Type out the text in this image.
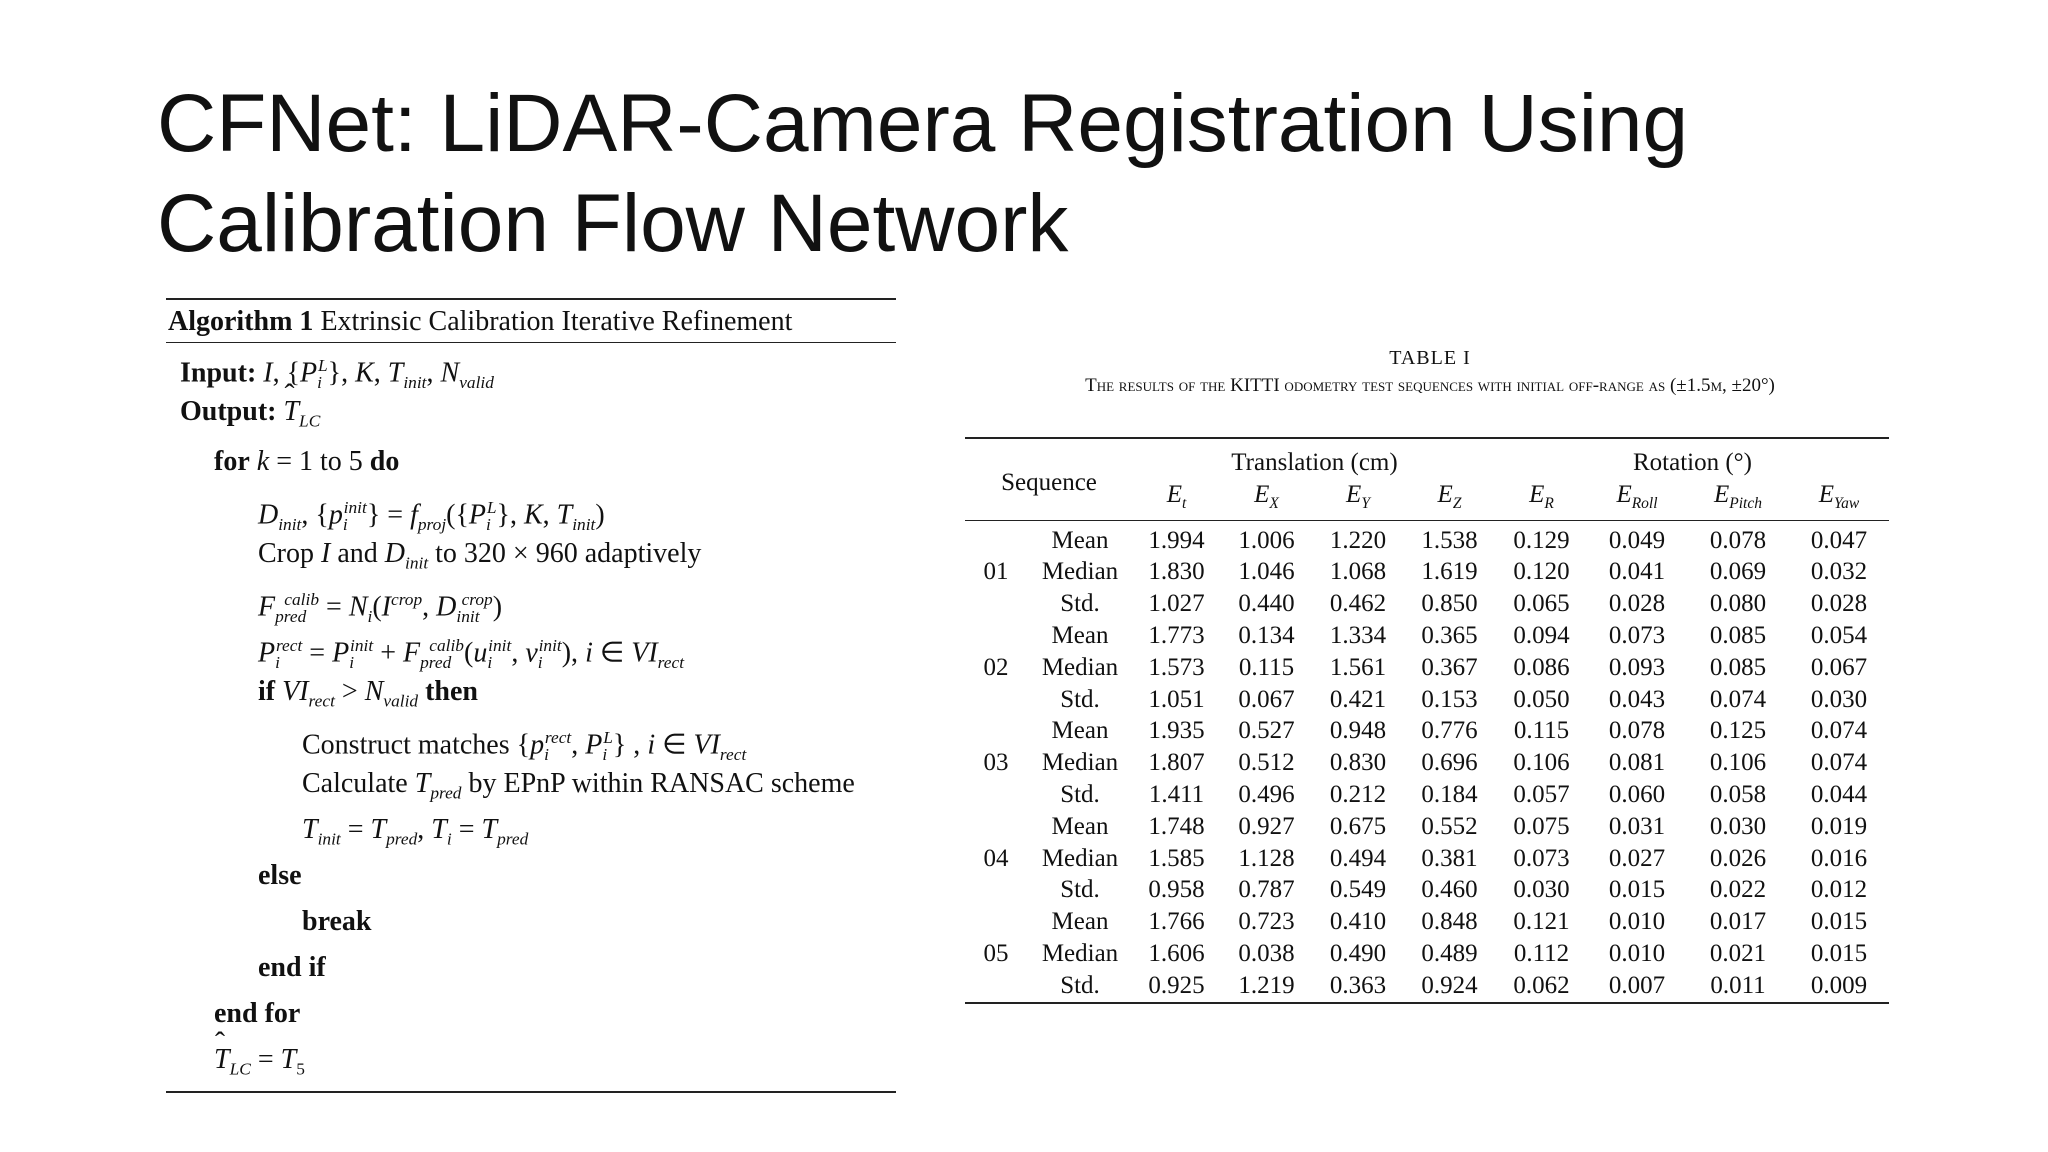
CFNet: LiDAR-Camera Registration Using
Calibration Flow Network
Algorithm 1 Extrinsic Calibration Iterative Refinement
Input: I, $\{P_i^L\}$, K, $T_{init}$, $N_{valid}$
Output: ˆ $T_{LC}$
for k = 1 to 5 do
$D_{init}$, $\{p_i^{init}\} = f_{proj}(\{P_i^L\}$, K, $T_{init}$)
Crop I and $D_{init}$ to 320 × 960 adaptively
$F_{pred}^{calib} = N_i(I^{crop}$, $D_{init}^{crop}$)
$P_i^{rect} = P_i^{init} + F_{pred}^{calib}(u_i^{init}$, $v_i^{init}$), i ∈ $VI_{rect}$
if $VI_{rect} > N_{valid}$ then
Construct matches {$p_i^{rect}$, $P_i^L$} , i ∈ $VI_{rect}$
Calculate $T_{pred}$ by EPnP within RANSAC scheme
$T_{init} = T_{pred}$, $T_i = T_{pred}$
else
break
end if
end for
ˆ $T_{LC} = T_5$
TABLE I
The results of the KITTI odometry test sequences with initial off-range as (±1.5m, ±20°)
Sequence		Translation (cm)				Rotation (°)			
		$E_t$	$E_X$	$E_Y$	$E_Z$	$E_R$	$E_{Roll}$	$E_{Pitch}$	$E_{Yaw}$
01	Mean	1.994	1.006	1.220	1.538	0.129	0.049	0.078	0.047
	Median	1.830	1.046	1.068	1.619	0.120	0.041	0.069	0.032
	Std.	1.027	0.440	0.462	0.850	0.065	0.028	0.080	0.028
02	Mean	1.773	0.134	1.334	0.365	0.094	0.073	0.085	0.054
	Median	1.573	0.115	1.561	0.367	0.086	0.093	0.085	0.067
	Std.	1.051	0.067	0.421	0.153	0.050	0.043	0.074	0.030
03	Mean	1.935	0.527	0.948	0.776	0.115	0.078	0.125	0.074
	Median	1.807	0.512	0.830	0.696	0.106	0.081	0.106	0.074
	Std.	1.411	0.496	0.212	0.184	0.057	0.060	0.058	0.044
04	Mean	1.748	0.927	0.675	0.552	0.075	0.031	0.030	0.019
	Median	1.585	1.128	0.494	0.381	0.073	0.027	0.026	0.016
	Std.	0.958	0.787	0.549	0.460	0.030	0.015	0.022	0.012
05	Mean	1.766	0.723	0.410	0.848	0.121	0.010	0.017	0.015
	Median	1.606	0.038	0.490	0.489	0.112	0.010	0.021	0.015
	Std.	0.925	1.219	0.363	0.924	0.062	0.007	0.011	0.009
